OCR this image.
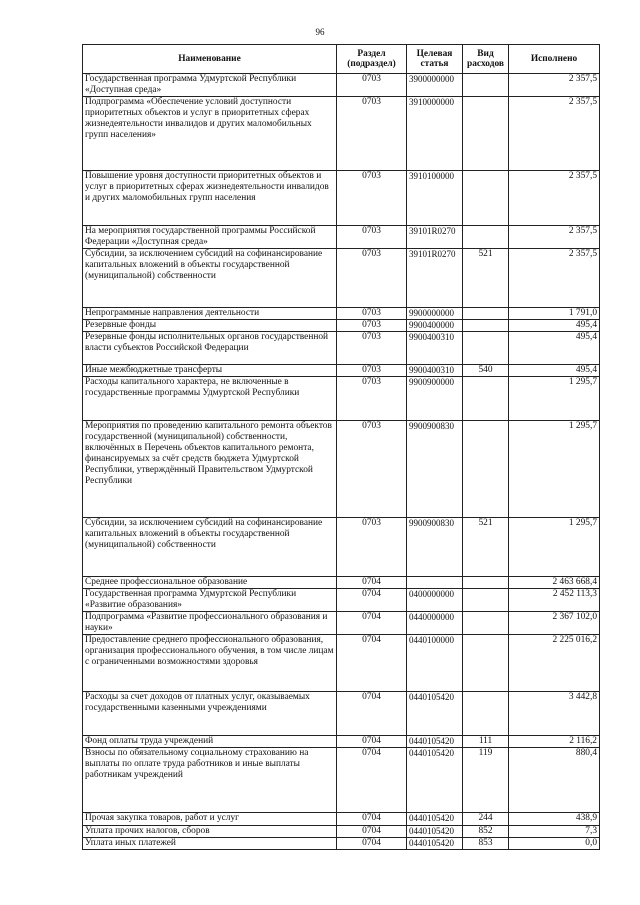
96
Наименование	Раздел (подраздел)	Целевая статья	Вид расходов	Исполнено
Государственная программа Удмуртской Республики «Доступная среда»	0703	3900000000		2 357,5
Подпрограмма «Обеспечение условий доступности приоритетных объектов и услуг в приоритетных сферах жизнедеятельности инвалидов и других маломобильных групп населения»	0703	3910000000		2 357,5
Повышение уровня доступности приоритетных объектов и услуг в приоритетных сферах жизнедеятельности инвалидов и других маломобильных групп населения	0703	3910100000		2 357,5
На мероприятия государственной программы Российской Федерации «Доступная среда»	0703	39101R0270		2 357,5
Субсидии, за исключением субсидий на софинансирование капитальных вложений в объекты государственной (муниципальной) собственности	0703	39101R0270	521	2 357,5
Непрограммные направления деятельности	0703	9900000000		1 791,0
Резервные фонды	0703	9900400000		495,4
Резервные фонды исполнительных органов государственной власти субъектов Российской Федерации	0703	9900400310		495,4
Иные межбюджетные трансферты	0703	9900400310	540	495,4
Расходы капитального характера, не включенные в государственные программы Удмуртской Республики	0703	9900900000		1 295,7
Мероприятия по проведению капитального ремонта объектов государственной (муниципальной) собственности, включённых в Перечень объектов капитального ремонта, финансируемых за счёт средств бюджета Удмуртской Республики, утверждённый Правительством Удмуртской Республики	0703	9900900830		1 295,7
Субсидии, за исключением субсидий на софинансирование капитальных вложений в объекты государственной (муниципальной) собственности	0703	9900900830	521	1 295,7
Среднее профессиональное образование	0704			2 463 668,4
Государственная программа Удмуртской Республики «Развитие образования»	0704	0400000000		2 452 113,3
Подпрограмма «Развитие профессионального образования и науки»	0704	0440000000		2 367 102,0
Предоставление среднего профессионального образования, организация профессионального обучения, в том числе лицам с ограниченными возможностями здоровья	0704	0440100000		2 225 016,2
Расходы за счет доходов от платных услуг, оказываемых государственными казенными учреждениями	0704	0440105420		3 442,8
Фонд оплаты труда учреждений	0704	0440105420	111	2 116,2
Взносы по обязательному социальному страхованию на выплаты по оплате труда работников и иные выплаты работникам учреждений	0704	0440105420	119	880,4
Прочая закупка товаров, работ и услуг	0704	0440105420	244	438,9
Уплата прочих налогов, сборов	0704	0440105420	852	7,3
Уплата иных платежей	0704	0440105420	853	0,0
